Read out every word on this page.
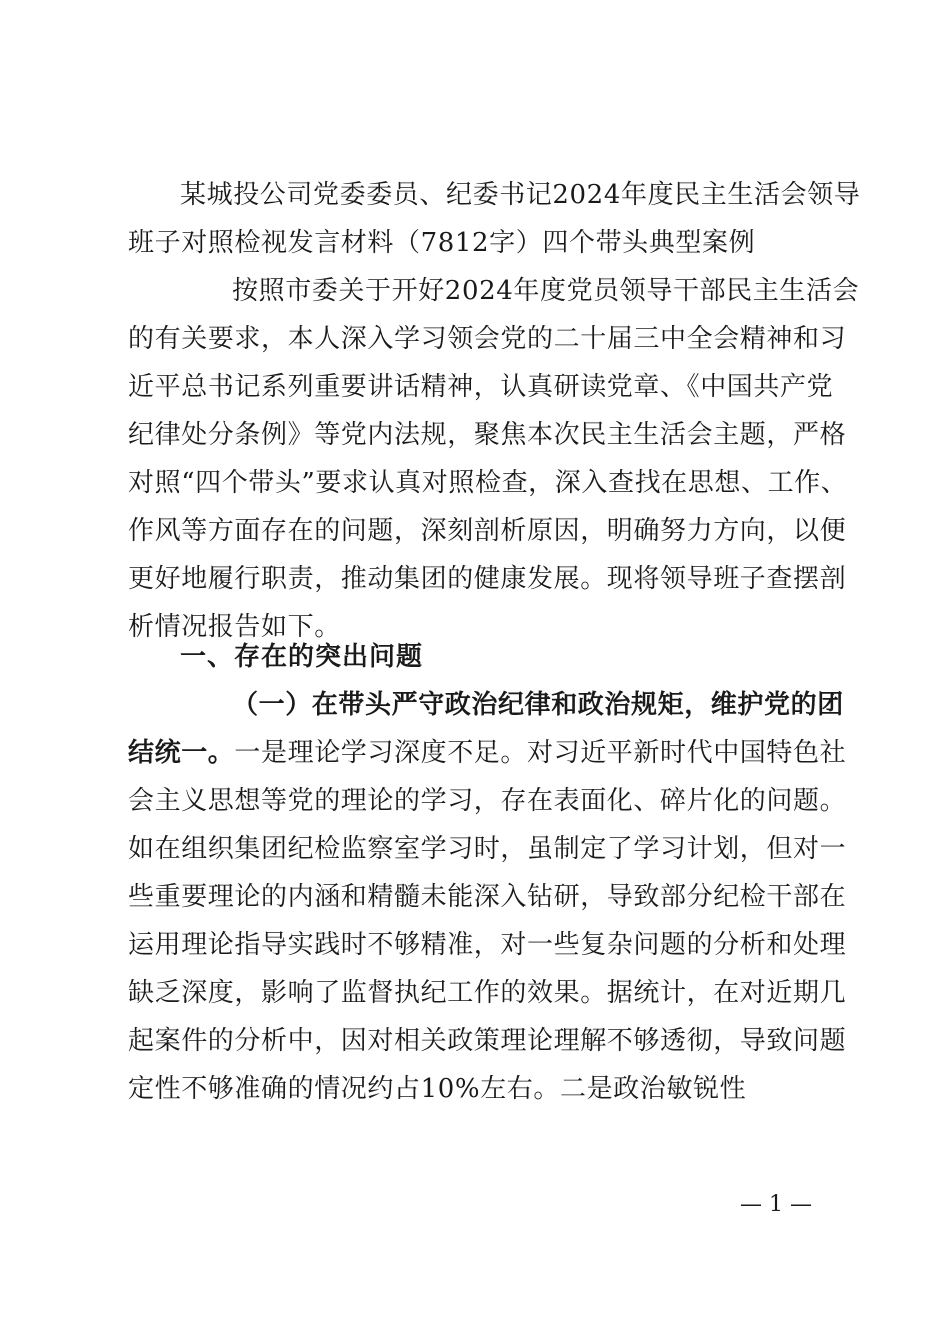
某城投公司党委委员、纪委书记2024年度民主生活会领导
班子对照检视发言材料（7812字）四个带头典型案例
按照市委关于开好2024年度党员领导干部民主生活会
的有关要求，本人深入学习领会党的二十届三中全会精神和习
近平总书记系列重要讲话精神，认真研读党章、《中国共产党
纪律处分条例》等党内法规，聚焦本次民主生活会主题，严格
对照“四个带头”要求认真对照检查，深入查找在思想、工作、
作风等方面存在的问题，深刻剖析原因，明确努力方向，以便
更好地履行职责，推动集团的健康发展。现将领导班子查摆剖
析情况报告如下。
一、存在的突出问题
（一）在带头严守政治纪律和政治规矩，维护党的团
结统一。一是理论学习深度不足。对习近平新时代中国特色社
会主义思想等党的理论的学习，存在表面化、碎片化的问题。
如在组织集团纪检监察室学习时，虽制定了学习计划，但对一
些重要理论的内涵和精髓未能深入钻研，导致部分纪检干部在
运用理论指导实践时不够精准，对一些复杂问题的分析和处理
缺乏深度，影响了监督执纪工作的效果。据统计，在对近期几
起案件的分析中，因对相关政策理论理解不够透彻，导致问题
定性不够准确的情况约占10%左右。二是政治敏锐性
— 1 —
